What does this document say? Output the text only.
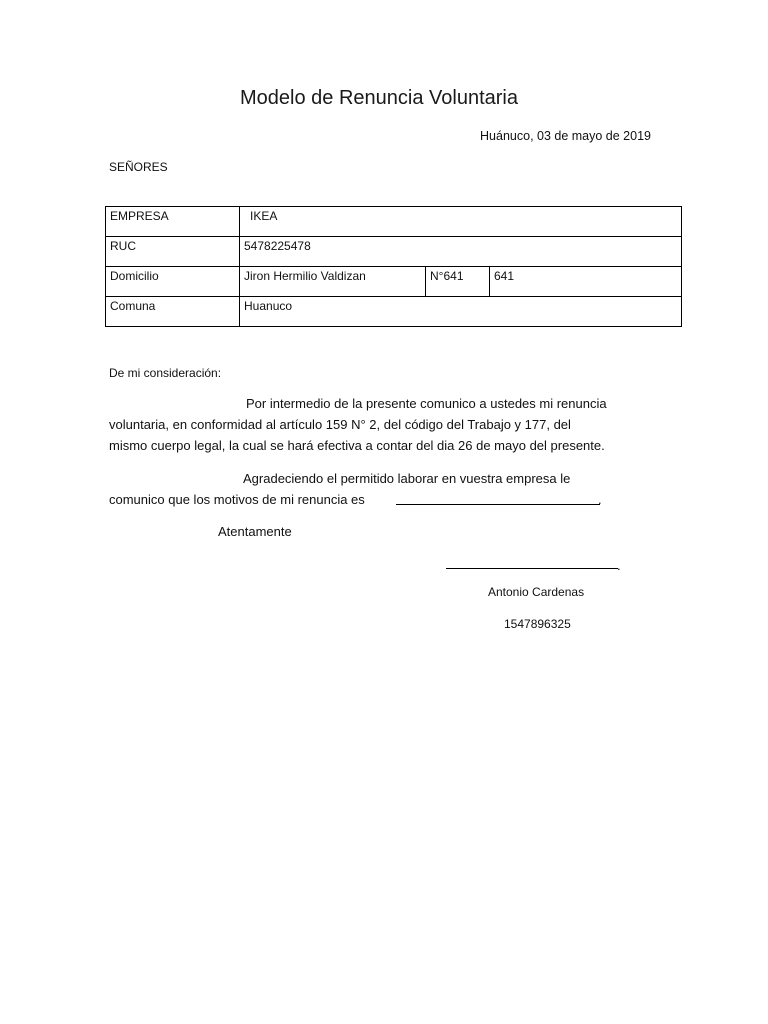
Modelo de Renuncia Voluntaria
Huánuco, 03 de mayo de 2019
SEÑORES
EMPRESA	IKEA		
RUC	5478225478		
Domicilio	Jiron Hermilio Valdizan	N°641	641
Comuna	Huanuco		
De mi consideración:
Por intermedio de la presente comunico a ustedes mi renuncia
voluntaria, en conformidad al artículo 159 N° 2, del código del Trabajo y 177, del
mismo cuerpo legal, la cual se hará efectiva a contar del dia 26 de mayo del presente.
Agradeciendo el permitido laborar en vuestra empresa le
comunico que los motivos de mi renuncia es	.
Atentamente
.
Antonio Cardenas
1547896325
